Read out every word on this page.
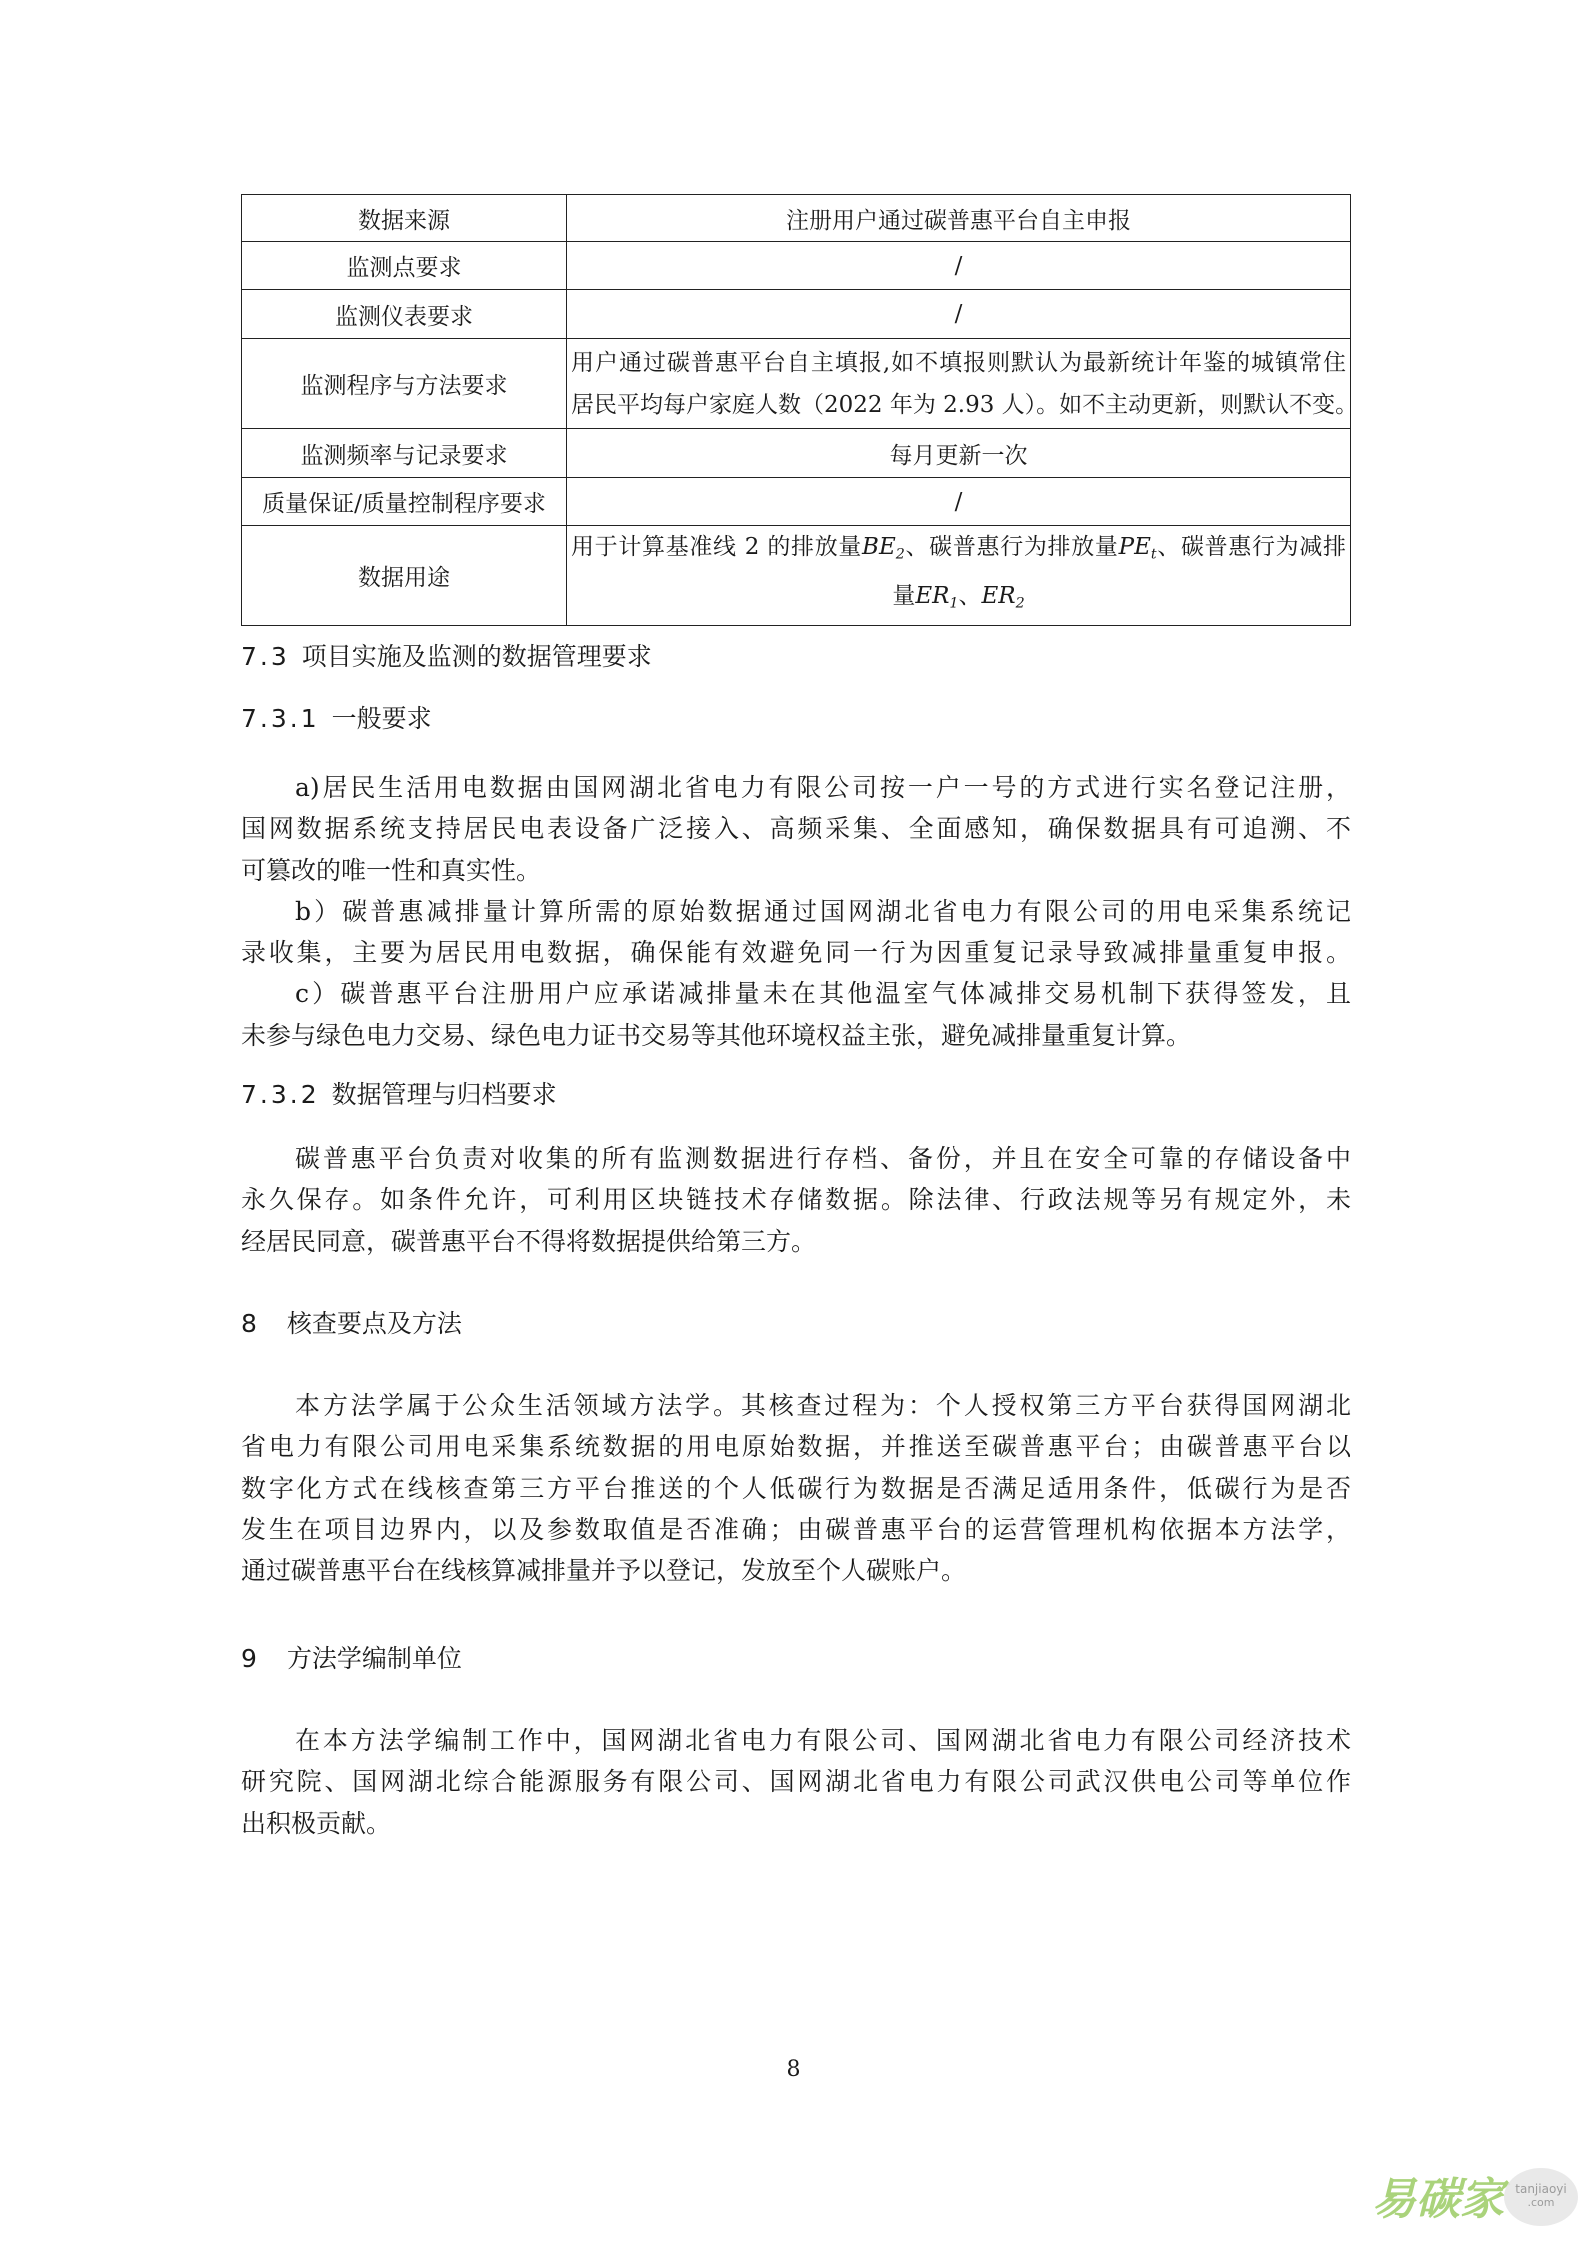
数据来源	注册用户通过碳普惠平台自主申报
监测点要求	/
监测仪表要求	/
监测程序与方法要求	用户通过碳普惠平台自主填报,如不填报则默认为最新统计年鉴的城镇常住
居民平均每户家庭人数（2022 年为 2.93 人）。如不主动更新，则默认不变。

监测频率与记录要求	每月更新一次
质量保证/质量控制程序要求	/
数据用途	用于计算基准线 2 的排放量$BE_2$、碳普惠行为排放量$PE_t$、碳普惠行为减排
量$ER_1$、$ER_2$
7.3 项目实施及监测的数据管理要求
7.3.1 一般要求
a)居民生活用电数据由国网湖北省电力有限公司按一户一号的方式进行实名登记注册，
国网数据系统支持居民电表设备广泛接入、高频采集、全面感知，确保数据具有可追溯、不
可篡改的唯一性和真实性。
b）碳普惠减排量计算所需的原始数据通过国网湖北省电力有限公司的用电采集系统记
录收集，主要为居民用电数据，确保能有效避免同一行为因重复记录导致减排量重复申报。
c）碳普惠平台注册用户应承诺减排量未在其他温室气体减排交易机制下获得签发，且
未参与绿色电力交易、绿色电力证书交易等其他环境权益主张，避免减排量重复计算。
7.3.2 数据管理与归档要求
碳普惠平台负责对收集的所有监测数据进行存档、备份，并且在安全可靠的存储设备中
永久保存。如条件允许，可利用区块链技术存储数据。除法律、行政法规等另有规定外，未
经居民同意，碳普惠平台不得将数据提供给第三方。
8 核查要点及方法
本方法学属于公众生活领域方法学。其核查过程为：个人授权第三方平台获得国网湖北
省电力有限公司用电采集系统数据的用电原始数据，并推送至碳普惠平台；由碳普惠平台以
数字化方式在线核查第三方平台推送的个人低碳行为数据是否满足适用条件，低碳行为是否
发生在项目边界内，以及参数取值是否准确；由碳普惠平台的运营管理机构依据本方法学，
通过碳普惠平台在线核算减排量并予以登记，发放至个人碳账户。
9 方法学编制单位
在本方法学编制工作中，国网湖北省电力有限公司、国网湖北省电力有限公司经济技术
研究院、国网湖北综合能源服务有限公司、国网湖北省电力有限公司武汉供电公司等单位作
出积极贡献。
8
易碳家 tanjiaoyi
.com
